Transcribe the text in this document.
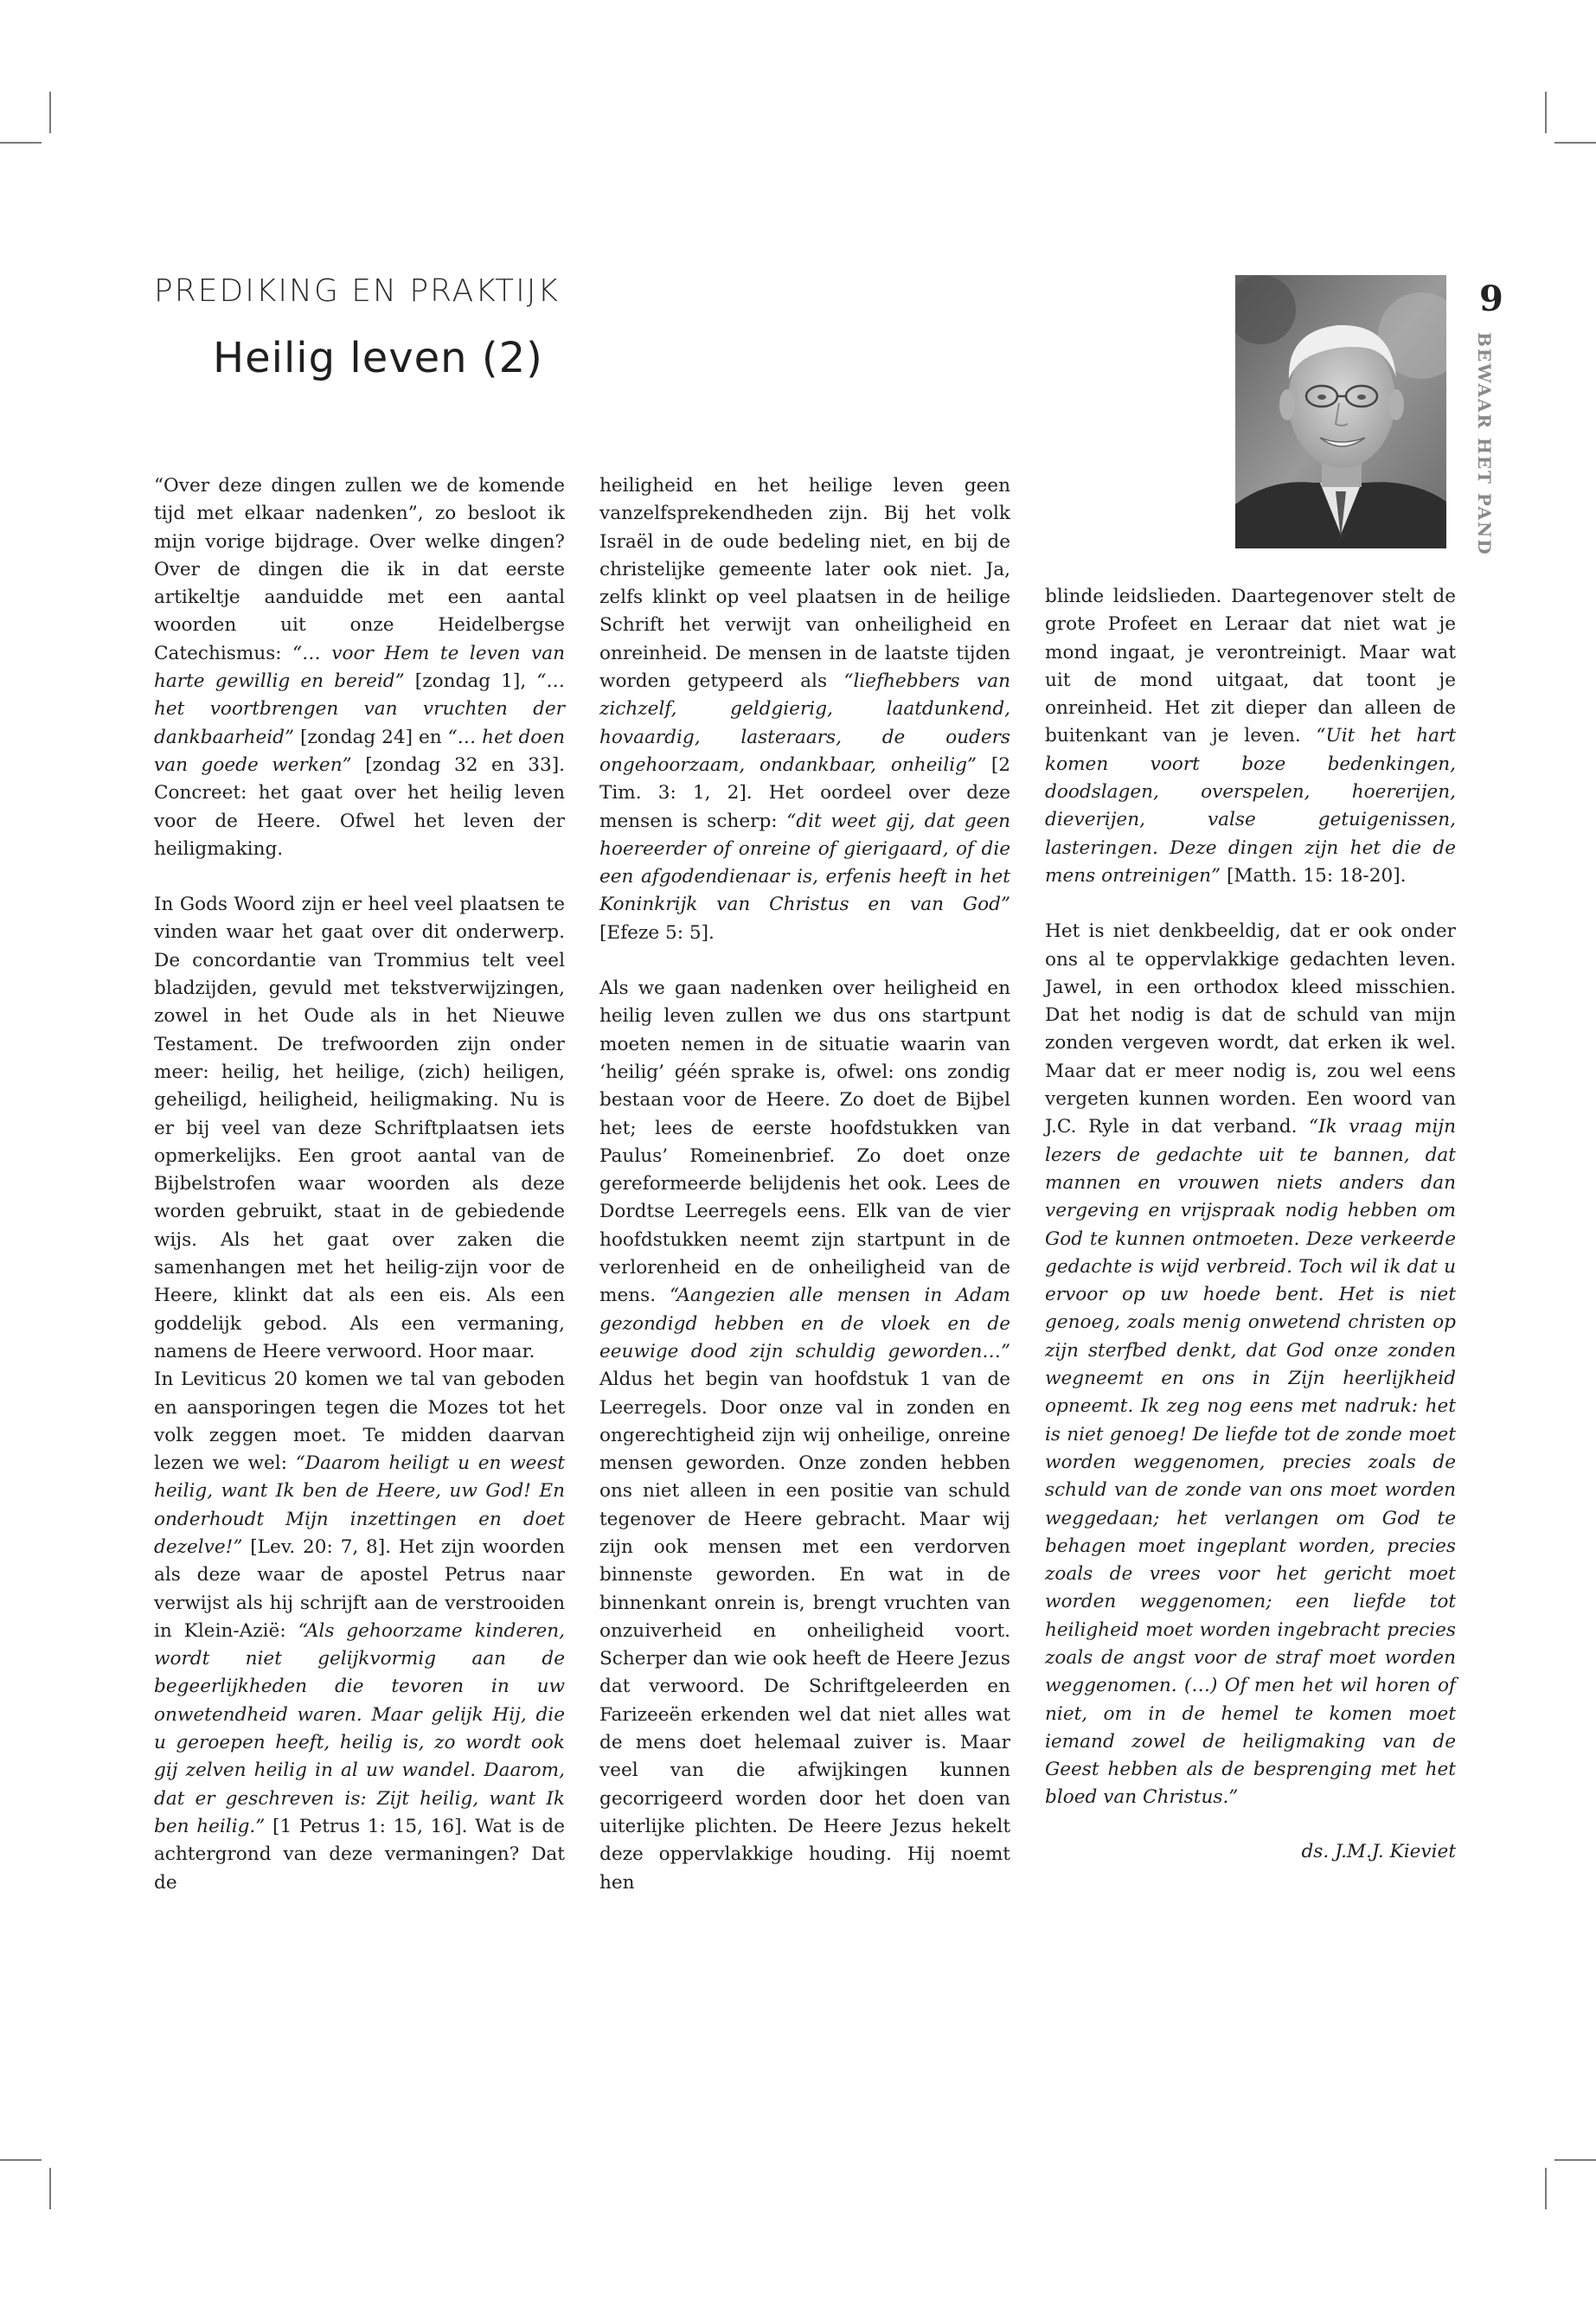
PREDIKING EN PRAKTIJK
Heilig leven (2)
9
BEWAAR HET PAND

“Over deze dingen zullen we de komende tijd met elkaar nadenken”, zo besloot ik mijn vorige bijdrage. Over welke dingen? Over de dingen die ik in dat eerste artikeltje aanduidde met een aantal woorden uit onze Heidelbergse Catechismus: “… voor Hem te leven van harte gewillig en bereid” [zondag 1], “… het voortbrengen van vruchten der dankbaarheid” [zondag 24] en “… het doen van goede werken” [zondag 32 en 33]. Concreet: het gaat over het heilig leven voor de Heere. Ofwel het leven der heiligmaking.

In Gods Woord zijn er heel veel plaatsen te vinden waar het gaat over dit onderwerp. De concordantie van Trommius telt veel bladzijden, gevuld met tekstverwijzingen, zowel in het Oude als in het Nieuwe Testament. De trefwoorden zijn onder meer: heilig, het heilige, (zich) heiligen, geheiligd, heiligheid, heiligmaking. Nu is er bij veel van deze Schriftplaatsen iets opmerkelijks. Een groot aantal van de Bijbelstrofen waar woorden als deze worden gebruikt, staat in de gebiedende wijs. Als het gaat over zaken die samenhangen met het heilig-zijn voor de Heere, klinkt dat als een eis. Als een goddelijk gebod. Als een vermaning, namens de Heere verwoord. Hoor maar.

In Leviticus 20 komen we tal van geboden en aansporingen tegen die Mozes tot het volk zeggen moet. Te midden daarvan lezen we wel: “Daarom heiligt u en weest heilig, want Ik ben de Heere, uw God! En onderhoudt Mijn inzettingen en doet dezelve!” [Lev. 20: 7, 8]. Het zijn woorden als deze waar de apostel Petrus naar verwijst als hij schrijft aan de verstrooiden in Klein-Azië: “Als gehoorzame kinderen, wordt niet gelijkvormig aan de begeerlijkheden die tevoren in uw onwetendheid waren. Maar gelijk Hij, die u geroepen heeft, heilig is, zo wordt ook gij zelven heilig in al uw wandel. Daarom, dat er geschreven is: Zijt heilig, want Ik ben heilig.” [1 Petrus 1: 15, 16]. Wat is de achtergrond van deze vermaningen? Dat de

heiligheid en het heilige leven geen vanzelfsprekendheden zijn. Bij het volk Israël in de oude bedeling niet, en bij de christelijke gemeente later ook niet. Ja, zelfs klinkt op veel plaatsen in de heilige Schrift het verwijt van onheiligheid en onreinheid. De mensen in de laatste tijden worden getypeerd als “liefhebbers van zichzelf, geldgierig, laatdunkend, hovaardig, lasteraars, de ouders ongehoorzaam, ondankbaar, onheilig” [2 Tim. 3: 1, 2]. Het oordeel over deze mensen is scherp: “dit weet gij, dat geen hoereerder of onreine of gierigaard, of die een afgodendienaar is, erfenis heeft in het Koninkrijk van Christus en van God” [Efeze 5: 5].

Als we gaan nadenken over heiligheid en heilig leven zullen we dus ons startpunt moeten nemen in de situatie waarin van ‘heilig’ géén sprake is, ofwel: ons zondig bestaan voor de Heere. Zo doet de Bijbel het; lees de eerste hoofdstukken van Paulus’ Romeinenbrief. Zo doet onze gereformeerde belijdenis het ook. Lees de Dordtse Leerregels eens. Elk van de vier hoofdstukken neemt zijn startpunt in de verlorenheid en de onheiligheid van de mens. “Aangezien alle mensen in Adam gezondigd hebben en de vloek en de eeuwige dood zijn schuldig geworden…” Aldus het begin van hoofdstuk 1 van de Leerregels. Door onze val in zonden en ongerechtigheid zijn wij onheilige, onreine mensen geworden. Onze zonden hebben ons niet alleen in een positie van schuld tegenover de Heere gebracht. Maar wij zijn ook mensen met een verdorven binnenste geworden. En wat in de binnenkant onrein is, brengt vruchten van onzuiverheid en onheiligheid voort. Scherper dan wie ook heeft de Heere Jezus dat verwoord. De Schriftgeleerden en Farizeeën erkenden wel dat niet alles wat de mens doet helemaal zuiver is. Maar veel van die afwijkingen kunnen gecorrigeerd worden door het doen van uiterlijke plichten. De Heere Jezus hekelt deze oppervlakkige houding. Hij noemt hen

blinde leidslieden. Daartegenover stelt de grote Profeet en Leraar dat niet wat je mond ingaat, je verontreinigt. Maar wat uit de mond uitgaat, dat toont je onreinheid. Het zit dieper dan alleen de buitenkant van je leven. “Uit het hart komen voort boze bedenkingen, doodslagen, overspelen, hoererijen, dieverijen, valse getuigenissen, lasteringen. Deze dingen zijn het die de mens ontreinigen” [Matth. 15: 18-20].

Het is niet denkbeeldig, dat er ook onder ons al te oppervlakkige gedachten leven. Jawel, in een orthodox kleed misschien. Dat het nodig is dat de schuld van mijn zonden vergeven wordt, dat erken ik wel. Maar dat er meer nodig is, zou wel eens vergeten kunnen worden. Een woord van J.C. Ryle in dat verband. “Ik vraag mijn lezers de gedachte uit te bannen, dat mannen en vrouwen niets anders dan vergeving en vrijspraak nodig hebben om God te kunnen ontmoeten. Deze verkeerde gedachte is wijd verbreid. Toch wil ik dat u ervoor op uw hoede bent. Het is niet genoeg, zoals menig onwetend christen op zijn sterfbed denkt, dat God onze zonden wegneemt en ons in Zijn heerlijkheid opneemt. Ik zeg nog eens met nadruk: het is niet genoeg! De liefde tot de zonde moet worden weggenomen, precies zoals de schuld van de zonde van ons moet worden weggedaan; het verlangen om God te behagen moet ingeplant worden, precies zoals de vrees voor het gericht moet worden weggenomen; een liefde tot heiligheid moet worden ingebracht precies zoals de angst voor de straf moet worden weggenomen. (…) Of men het wil horen of niet, om in de hemel te komen moet iemand zowel de heiligmaking van de Geest hebben als de besprenging met het bloed van Christus.”

ds. J.M.J. Kieviet
